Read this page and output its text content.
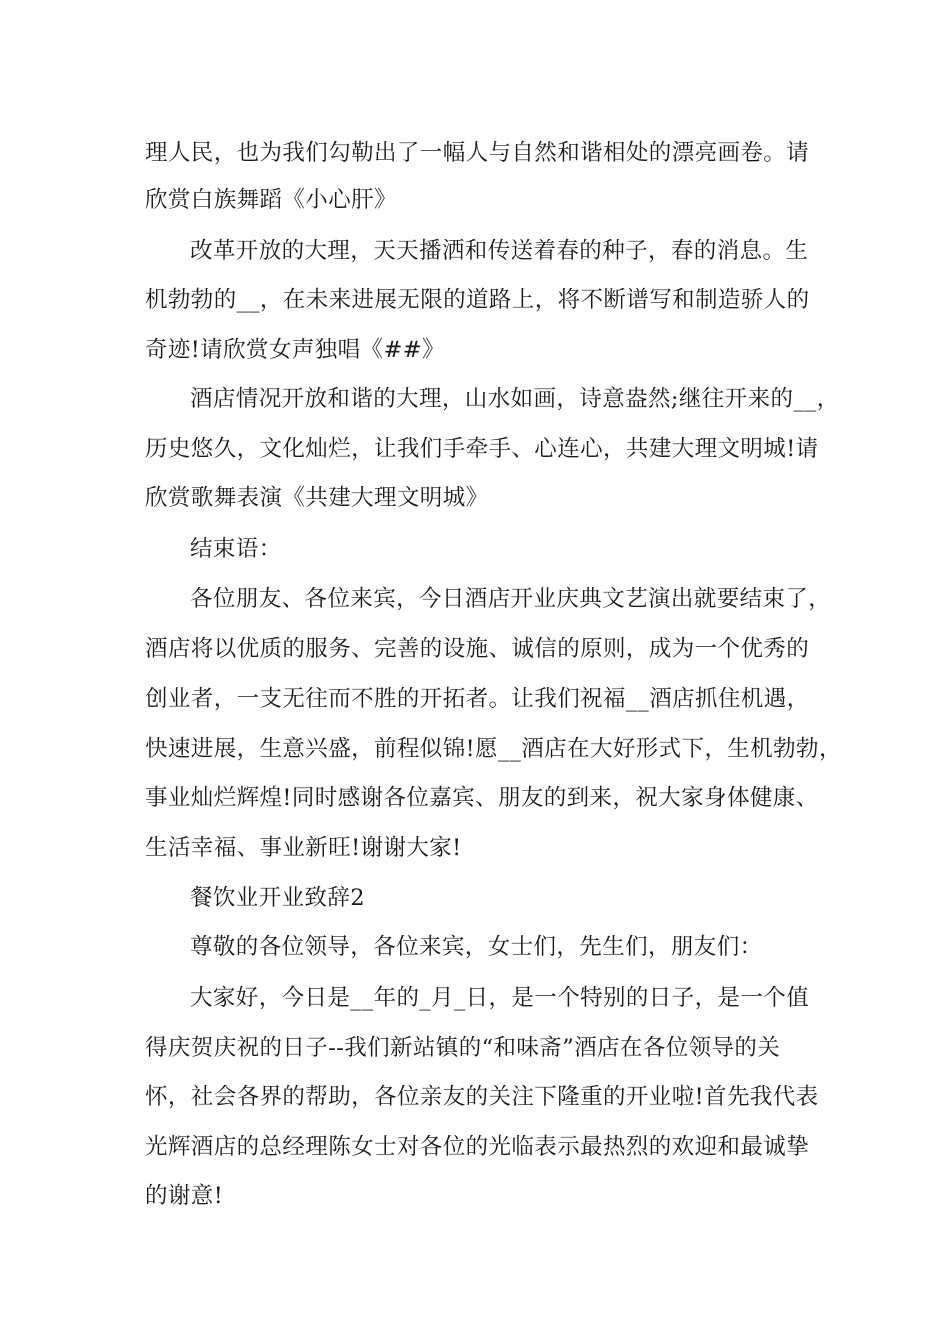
理人民，也为我们勾勒出了一幅人与自然和谐相处的漂亮画卷。请
欣赏白族舞蹈《小心肝》
改革开放的大理，天天播洒和传送着春的种子，春的消息。生
机勃勃的__，在未来进展无限的道路上，将不断谱写和制造骄人的
奇迹!请欣赏女声独唱《##》
酒店情况开放和谐的大理，山水如画，诗意盎然;继往开来的__，
历史悠久，文化灿烂，让我们手牵手、心连心，共建大理文明城!请
欣赏歌舞表演《共建大理文明城》
结束语：
各位朋友、各位来宾，今日酒店开业庆典文艺演出就要结束了，
酒店将以优质的服务、完善的设施、诚信的原则，成为一个优秀的
创业者，一支无往而不胜的开拓者。让我们祝福__酒店抓住机遇，
快速进展，生意兴盛，前程似锦!愿__酒店在大好形式下，生机勃勃，
事业灿烂辉煌!同时感谢各位嘉宾、朋友的到来，祝大家身体健康、
生活幸福、事业新旺!谢谢大家!
餐饮业开业致辞2
尊敬的各位领导，各位来宾，女士们，先生们，朋友们：
大家好，今日是__年的_月_日，是一个特别的日子，是一个值
得庆贺庆祝的日子--我们新站镇的“和味斋”酒店在各位领导的关
怀，社会各界的帮助，各位亲友的关注下隆重的开业啦!首先我代表
光辉酒店的总经理陈女士对各位的光临表示最热烈的欢迎和最诚挚
的谢意!
